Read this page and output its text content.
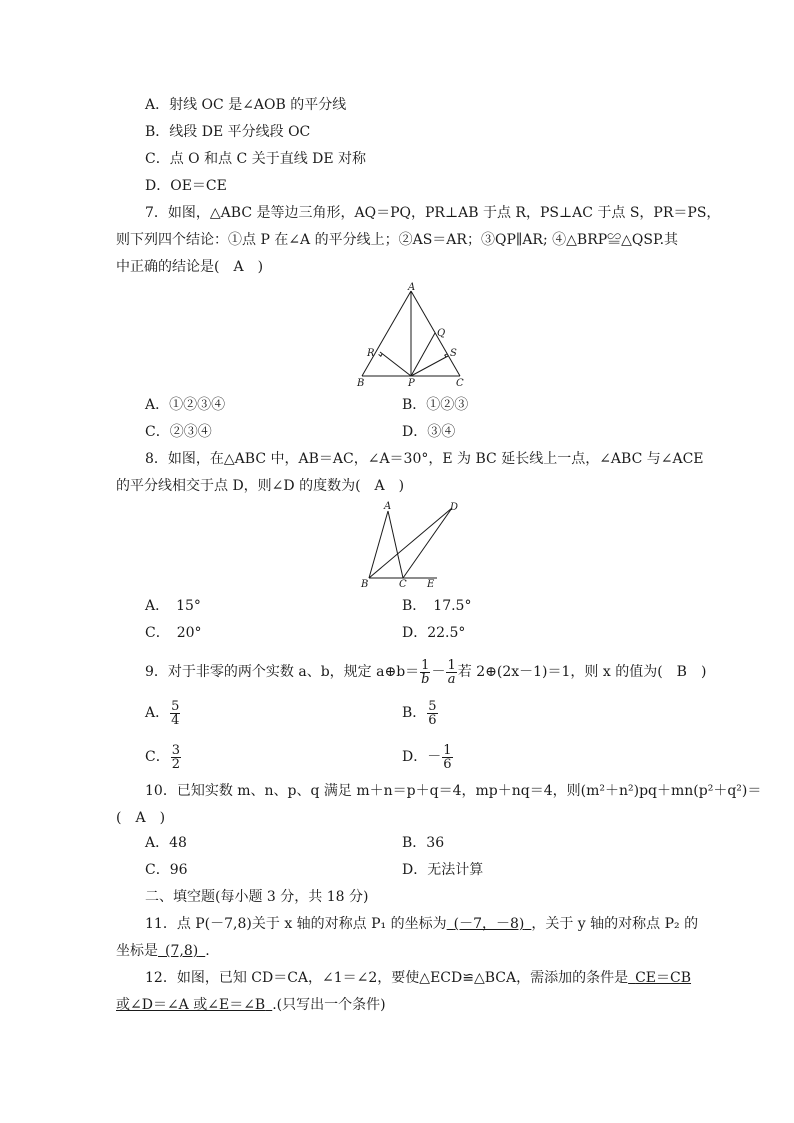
A．射线 OC 是∠AOB 的平分线
B．线段 DE 平分线段 OC
C．点 O 和点 C 关于直线 DE 对称
D．OE＝CE
7．如图，△ABC 是等边三角形，AQ＝PQ，PR⊥AB 于点 R，PS⊥AC 于点 S，PR＝PS，
则下列四个结论：①点 P 在∠A 的平分线上；②AS＝AR；③QP∥AR; ④△BRP≌△QSP.其
中正确的结论是(　A　)
A
B	C
P
Q
R	S
A．①②③④	B．①②③
C．②③④	D．③④
8．如图，在△ABC 中，AB＝AC，∠A＝30°，E 为 BC 延长线上一点，∠ABC 与∠ACE
的平分线相交于点 D，则∠D 的度数为(　A　)
A	D
B	C E
A．　15°	B．　17.5°
C．　20°	D．22.5°
9．对于非零的两个实数 a、b，规定 a⊕b＝ $\frac{1}{b} - \frac{1}{a}$ 若 2⊕(2x－1)＝1，则 x 的值为(　B　)
A． $\frac{5}{4}$	B． $\frac{5}{6}$
C． $\frac{3}{2}$	D．－ $\frac{1}{6}$
10．已知实数 m、n、p、q 满足 m＋n＝p＋q＝4，mp＋nq＝4，则(m²＋n²)pq＋mn(p²＋q²)＝
(　A　)
A．48	B．36
C．96	D．无法计算
二、填空题(每小题 3 分，共 18 分)
11．点 P(－7,8)关于 x 轴的对称点 P₁ 的坐标为  (－7，－8)  ，关于 y 轴的对称点 P₂ 的
坐标是  (7,8)  .
12．如图，已知 CD＝CA，∠1＝∠2，要使△ECD≌△BCA，需添加的条件是  CE＝CB
或∠D＝∠A 或∠E＝∠B  .(只写出一个条件)
